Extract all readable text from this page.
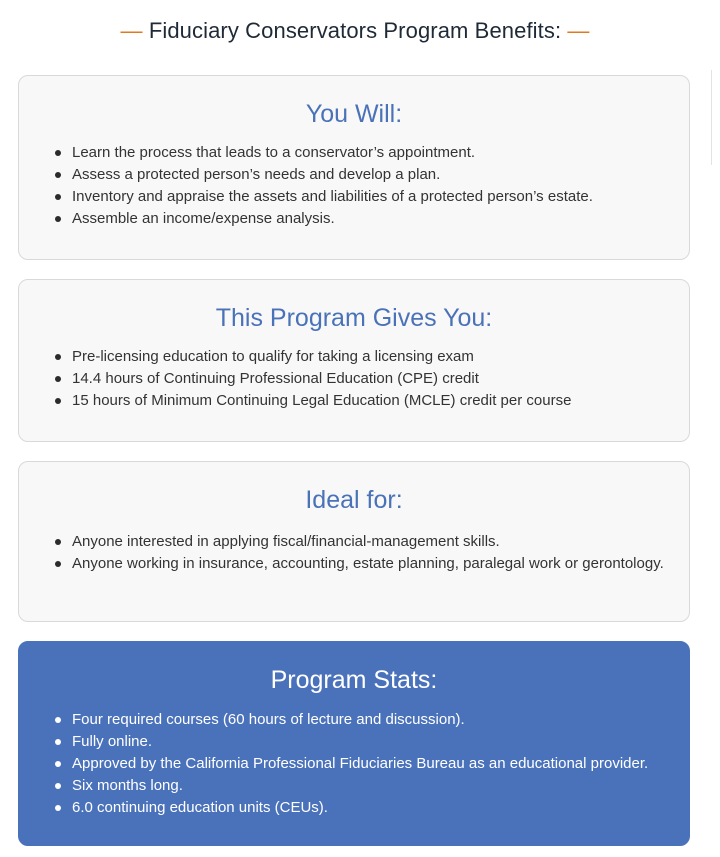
— Fiduciary Conservators Program Benefits: —
You Will:
Learn the process that leads to a conservator’s appointment.
Assess a protected person’s needs and develop a plan.
Inventory and appraise the assets and liabilities of a protected person’s estate.
Assemble an income/expense analysis.
This Program Gives You:
Pre-licensing education to qualify for taking a licensing exam
14.4 hours of Continuing Professional Education (CPE) credit
15 hours of Minimum Continuing Legal Education (MCLE) credit per course
Ideal for:
Anyone interested in applying fiscal/financial-management skills.
Anyone working in insurance, accounting, estate planning, paralegal work or gerontology.
Program Stats:
Four required courses (60 hours of lecture and discussion).
Fully online.
Approved by the California Professional Fiduciaries Bureau as an educational provider.
Six months long.
6.0 continuing education units (CEUs).
